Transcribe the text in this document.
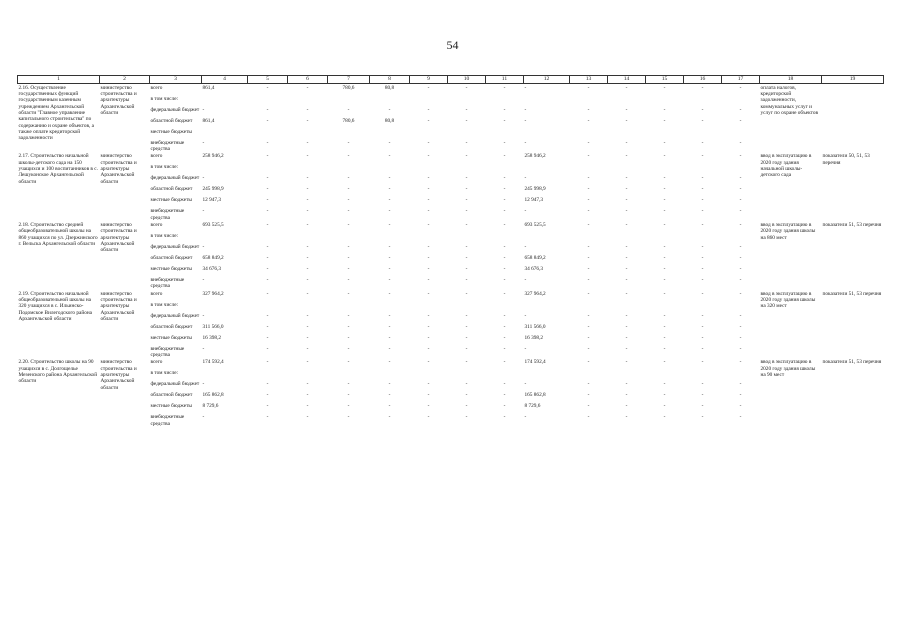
54
1	2	3	4	5	6	7	8	9	10	11	12	13	14	15	16	17	18	19
2.16. Осуществление государственных функций государственным казенным учреждением Архангельской области "Главное управление капитального строительства" по содержанию и охране объектов, а также оплате кредиторской задолженности	министерство строительства и архитектуры Архангельской области	всего	861,4	-	-	780,6	80,8	-	-	-	-	-	-	-	-	-	оплата налогов, кредиторской задолженности, коммунальных услуг и услуг по охране объектов	
		в том числе:																
		федеральный бюджет	-	-	-	-	-	-	-	-	-	-	-	-	-	-		
		областной бюджет	861,4	-	-	780,6	80,8	-	-	-	-	-	-	-	-	-		
		местные бюджеты																
		внебюджетные средства	-	-	-	-	-	-	-	-	-	-	-	-	-	-		
2.17. Строительство начальной школы-детского сада на 150 учащихся и 100 воспитанников в с. Лешуконское Архангельской области	министерство строительства и архитектуры Архангельской области	всего	258 946,2	-	-	-	-	-	-	-	258 946,2	-	-	-	-	-	ввод в эксплуатацию в 2020 году здания начальной школы-детского сада	показатели 50, 51, 53 перечня
		в том числе:																
		федеральный бюджет	-	-	-	-	-	-	-	-	-	-	-	-	-	-		
		областной бюджет	245 998,9	-	-	-	-	-	-	-	245 998,9	-	-	-	-	-		
		местные бюджеты	12 947,3	-	-	-	-	-	-	-	12 947,3	-	-	-	-	-		
		внебюджетные средства	-	-	-	-	-	-	-	-	-	-	-	-	-	-		
2.18. Строительство средней общеобразовательной школы на 860 учащихся по ул. Дзержинского г. Вельска Архангельской области	министерство строительства и архитектуры Архангельской области	всего	693 525,5	-	-	-	-	-	-	-	693 525,5	-	-	-	-	-	ввод в эксплуатацию в 2020 году здания школы на 860 мест	показатели 51, 53 перечня
		в том числе:																
		федеральный бюджет	-	-	-	-	-	-	-	-	-	-	-	-	-	-		
		областной бюджет	658 849,2	-	-	-	-	-	-	-	658 849,2	-	-	-	-	-		
		местные бюджеты	34 676,3	-	-	-	-	-	-	-	34 676,3	-	-	-	-	-		
		внебюджетные средства	-	-	-	-	-	-	-	-	-	-	-	-	-	-		
2.19. Строительство начальной общеобразовательной школы на 320 учащихся в с. Ильинско-Подомское Вилегодского района Архангельской области	министерство строительства и архитектуры Архангельской области	всего	327 964,2	-	-	-	-	-	-	-	327 964,2	-	-	-	-	-	ввод в эксплуатацию в 2020 году здания школы на 320 мест	показатели 51, 53 перечня
		в том числе:																
		федеральный бюджет	-	-	-	-	-	-	-	-	-	-	-	-	-	-		
		областной бюджет	311 566,0	-	-	-	-	-	-	-	311 566,0	-	-	-	-	-		
		местные бюджеты	16 398,2	-	-	-	-	-	-	-	16 398,2	-	-	-	-	-		
		внебюджетные средства	-	-	-	-	-	-	-	-	-	-	-	-	-	-		
2.20. Строительство школы на 90 учащихся в с. Долгощелье Мезенского района Архангельской области	министерство строительства и архитектуры Архангельской области	всего	174 592,4	-	-	-	-	-	-	-	174 592,4	-	-	-	-	-	ввод в эксплуатацию в 2020 году здания школы на 90 мест	показатели 51, 53 перечня
		в том числе:																
		федеральный бюджет	-	-	-	-	-	-	-	-	-	-	-	-	-	-		
		областной бюджет	165 862,8	-	-	-	-	-	-	-	165 862,8	-	-	-	-	-		
		местные бюджеты	8 729,6	-	-	-	-	-	-	-	8 729,6	-	-	-	-	-		
		внебюджетные средства	-	-	-	-	-	-	-	-	-	-	-	-	-	-		
